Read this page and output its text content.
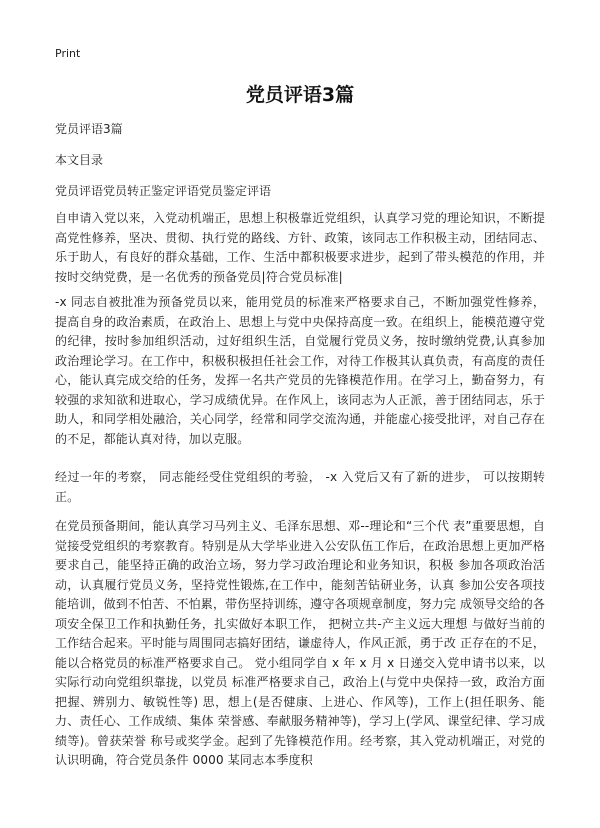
Print
党员评语3篇
党员评语3篇
本文目录
党员评语党员转正鉴定评语党员鉴定评语

自申请入党以来，入党动机端正，思想上积极靠近党组织，认真学习党的理论知识，不断提高党性修养，坚决、贯彻、执行党的路线、方针、政策，该同志工作积极主动，团结同志、乐于助人，有良好的群众基础，工作、生活中都积极要求进步，起到了带头模范的作用，并按时交纳党费，是一名优秀的预备党员|符合党员标准|

-x 同志自被批准为预备党员以来，能用党员的标准来严格要求自己，不断加强党性修养， 提高自身的政治素质，在政治上、思想上与党中央保持高度一致。在组织上，能模范遵守党 的纪律，按时参加组织活动，过好组织生活，自觉履行党员义务，按时缴纳党费,认真参加 政治理论学习。在工作中，积极积极担任社会工作，对待工作极其认真负责，有高度的责任 心，能认真完成交给的任务，发挥一名共产党员的先锋模范作用。在学习上，勤奋努力，有 较强的求知欲和进取心，学习成绩优异。在作风上，该同志为人正派，善于团结同志，乐于 助人，和同学相处融洽，关心同学，经常和同学交流沟通，并能虚心接受批评，对自己存在 的不足，都能认真对待，加以克服。

经过一年的考察， 同志能经受住党组织的考验， -x 入党后又有了新的进步， 可以按期转正。

在党员预备期间，能认真学习马列主义、毛泽东思想、邓--理论和“三个代 表”重要思想，自觉接受党组织的考察教育。特别是从大学毕业进入公安队伍工作后，在政治思想上更加严格要求自己，能坚持正确的政治立场，努力学习政治理论和业务知识，积极 参加各项政治活动，认真履行党员义务，坚持党性锻炼,在工作中，能刻苦钻研业务，认真 参加公安各项技能培训，做到不怕苦、不怕累，带伤坚持训练，遵守各项规章制度，努力完 成领导交给的各项安全保卫工作和执勤任务，扎实做好本职工作， 把树立共-产主义远大理想 与做好当前的工作结合起来。平时能与周围同志搞好团结，谦虚待人，作风正派，勇于改 正存在的不足，能以合格党员的标准严格要求自己。 党小组同学自 x 年 x 月 x 日递交入党申请书以来，以实际行动向党组织靠拢，以党员 标准严格要求自己，政治上(与党中央保持一致，政治方面把握、辨别力、敏锐性等) 思，想上(是否健康、上进心、作风等)，工作上(担任职务、能力、责任心、工作成绩、集体 荣誉感、奉献服务精神等)，学习上(学风、课堂纪律、学习成绩等)。曾获荣誉 称号或奖学金。起到了先锋模范作用。经考察，其入党动机端正，对党的认识明确，符合党员条件 0000 某同志本季度积
